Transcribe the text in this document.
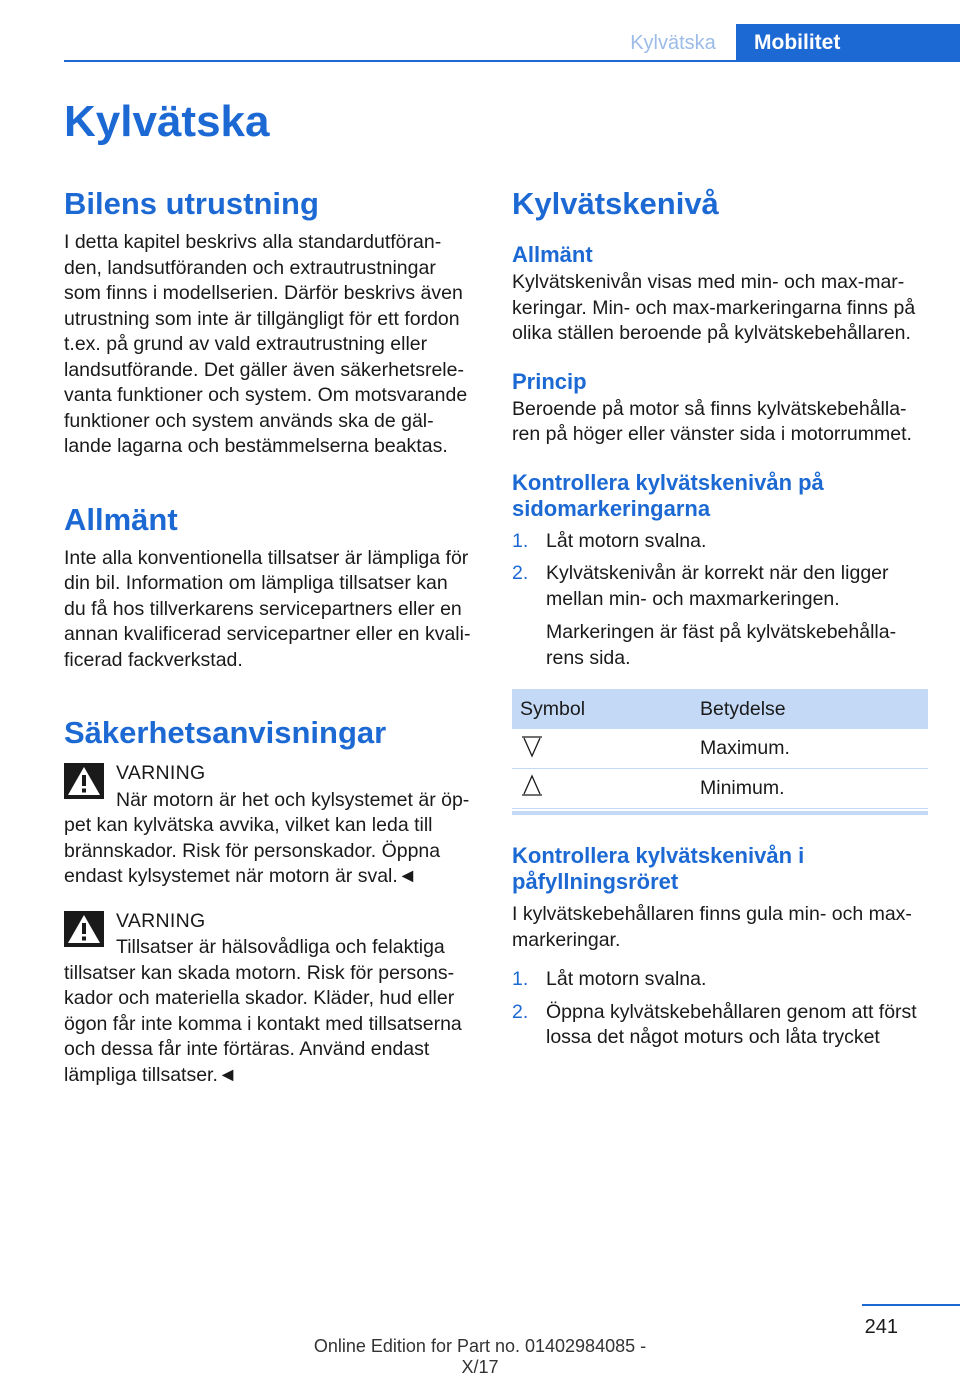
Kylvätska	Mobilitet
Kylvätska
Bilens utrustning

I detta kapitel beskrivs alla standardutföran-
den, landsutföranden och extrautrustningar
som finns i modellserien. Därför beskrivs även
utrustning som inte är tillgängligt för ett fordon
t.ex. på grund av vald extrautrustning eller
landsutförande. Det gäller även säkerhetsrele-
vanta funktioner och system. Om motsvarande
funktioner och system används ska de gäl-
lande lagarna och bestämmelserna beaktas.

Allmänt

Inte alla konventionella tillsatser är lämpliga för
din bil. Information om lämpliga tillsatser kan
du få hos tillverkarens servicepartners eller en
annan kvalificerad servicepartner eller en kvali-
ficerad fackverkstad.

Säkerhetsanvisningar
VARNING

När motorn är het och kylsystemet är öp-

pet kan kylvätska avvika, vilket kan leda till
brännskador. Risk för personskador. Öppna
endast kylsystemet när motorn är sval.◄

VARNING

Tillsatser är hälsovådliga och felaktiga

tillsatser kan skada motorn. Risk för persons-
kador och materiella skador. Kläder, hud eller
ögon får inte komma i kontakt med tillsatserna
och dessa får inte förtäras. Använd endast
lämpliga tillsatser.◄

Kylvätskenivå
Allmänt

Kylvätskenivån visas med min- och max-mar-
keringar. Min- och max-markeringarna finns på
olika ställen beroende på kylvätskebehållaren.

Princip

Beroende på motor så finns kylvätskebehålla-
ren på höger eller vänster sida i motorrummet.

Kontrollera kylvätskenivån på
sidomarkeringarna
1. Låt motorn svalna.
2. Kylvätskenivån är korrekt när den ligger
mellan min- och maxmarkeringen.

Markeringen är fäst på kylvätskebehålla-
rens sida.

Symbol	Betydelse
	Maximum.
	Minimum.
Kontrollera kylvätskenivån i
påfyllningsröret

I kylvätskebehållaren finns gula min- och max-
markeringar.

1. Låt motorn svalna.
2. Öppna kylvätskebehållaren genom att först
lossa det något moturs och låta trycket
241
Online Edition for Part no. 01402984085 - X/17
